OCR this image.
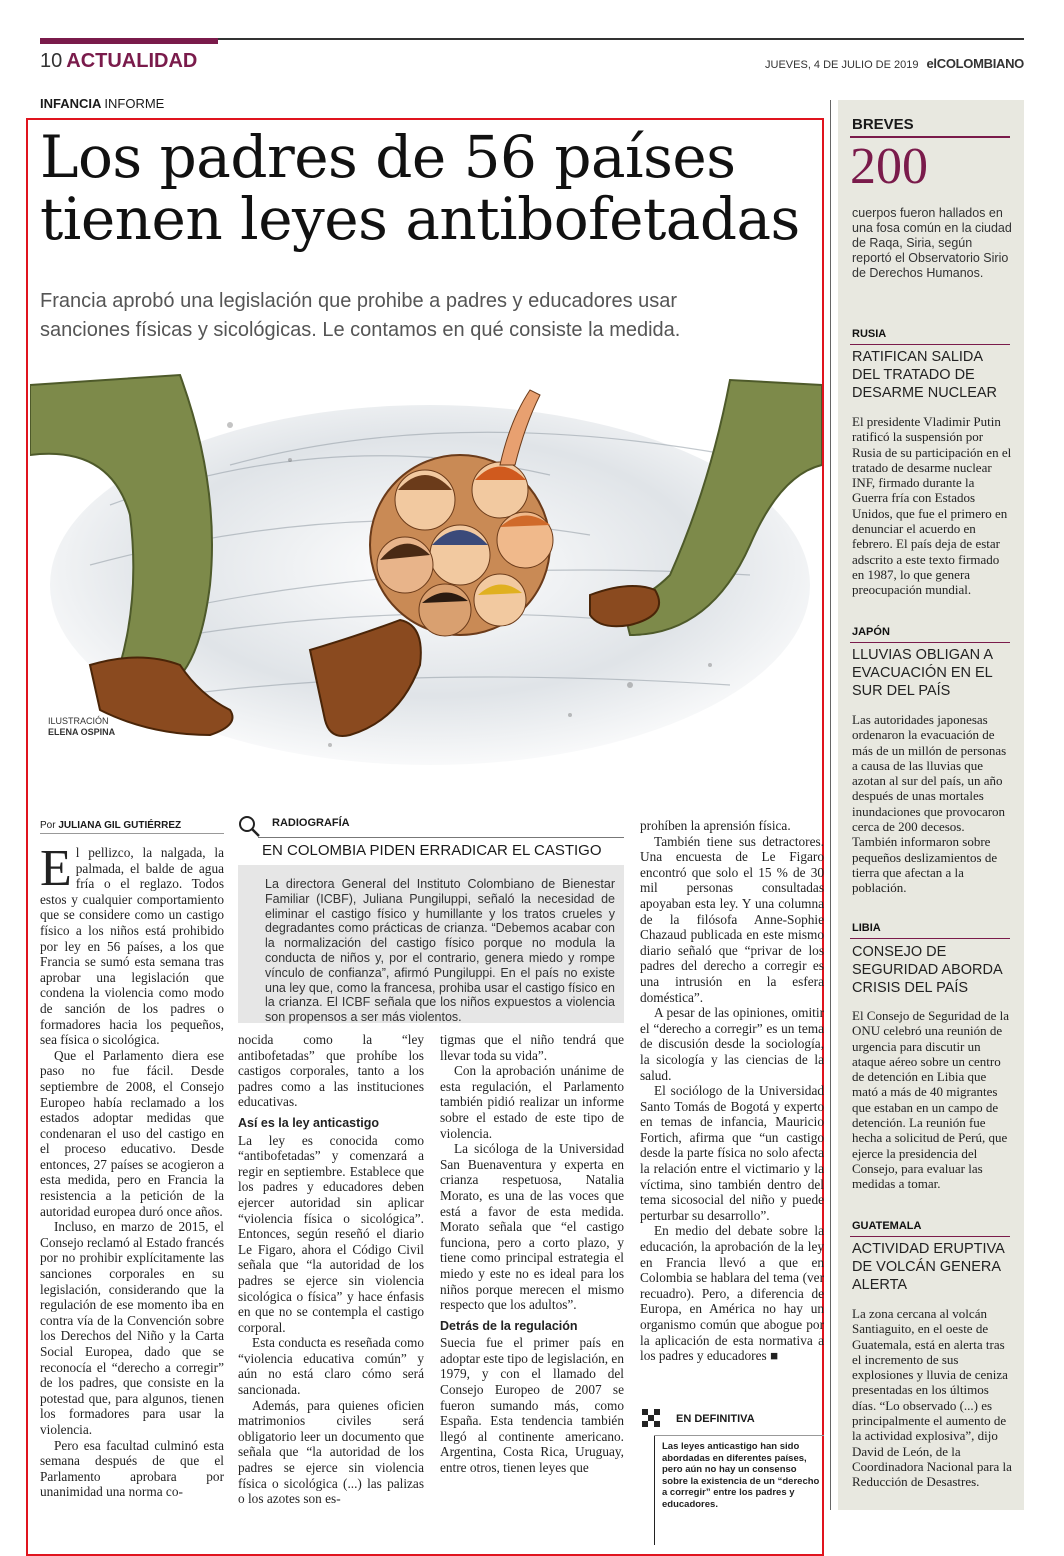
10 ACTUALIDAD	JUEVES, 4 DE JULIO DE 2019 elCOLOMBIANO
INFANCIA INFORME
Los padres de 56 países
tienen leyes antibofetadas
Francia aprobó una legislación que prohibe a padres y educadores usar
sanciones físicas y sicológicas. Le contamos en qué consiste la medida.
ILUSTRACIÓN
ELENA OSPINA
Por JULIANA GIL GUTIÉRREZ

El pellizco, la nalgada, la palmada, el balde de agua fría o el reglazo. Todos estos y cualquier comportamiento que se considere como un castigo físico a los niños está prohibido por ley en 56 países, a los que Francia se sumó esta semana tras aprobar una legislación que condena la violencia como modo de sanción de los padres o formadores hacia los pequeños, sea física o sicológica.

Que el Parlamento diera ese paso no fue fácil. Desde septiembre de 2008, el Consejo Europeo había reclamado a los estados adoptar medidas que condenaran el uso del castigo en el proceso educativo. Desde entonces, 27 países se acogieron a esta medida, pero en Francia la resistencia a la petición de la autoridad europea duró once años.

Incluso, en marzo de 2015, el Consejo reclamó al Estado francés por no prohibir explícitamente las sanciones corporales en su legislación, considerando que la regulación de ese momento iba en contra vía de la Convención sobre los Derechos del Niño y la Carta Social Europea, dado que se reconocía el “derecho a corregir” de los padres, que consiste en la potestad que, para algunos, tienen los formadores para usar la violencia.

Pero esa facultad culminó esta semana después de que el Parlamento aprobara por unanimidad una norma co-

RADIOGRAFÍA
EN COLOMBIA PIDEN ERRADICAR EL CASTIGO
La directora General del Instituto Colombiano de Bienestar Familiar (ICBF), Juliana Pungiluppi, señaló la necesidad de eliminar el castigo físico y humillante y los tratos crueles y degradantes como prácticas de crianza. “Debemos acabar con la normalización del castigo físico porque no modula la conducta de niños y, por el contrario, genera miedo y rompe vínculo de confianza”, afirmó Pungiluppi. En el país no existe una ley que, como la francesa, prohiba usar el castigo físico en la crianza. El ICBF señala que los niños expuestos a violencia son propensos a ser más violentos.

nocida como la “ley antibofetadas” que prohíbe los castigos corporales, tanto a los padres como a las instituciones educativas.

Así es la ley anticastigo

La ley es conocida como “antibofetadas” y comenzará a regir en septiembre. Establece que los padres y educadores deben ejercer autoridad sin aplicar “violencia física o sicológica”. Entonces, según reseñó el diario Le Figaro, ahora el Código Civil señala que “la autoridad de los padres se ejerce sin violencia sicológica o física” y hace énfasis en que no se contempla el castigo corporal.

Esta conducta es reseñada como “violencia educativa común” y aún no está claro cómo será sancionada.

Además, para quienes oficien matrimonios civiles será obligatorio leer un documento que señala que “la autoridad de los padres se ejerce sin violencia física o sicológica (...) las palizas o los azotes son es-

tigmas que el niño tendrá que llevar toda su vida”.

Con la aprobación unánime de esta regulación, el Parlamento también pidió realizar un informe sobre el estado de este tipo de violencia.

La sicóloga de la Universidad San Buenaventura y experta en crianza respetuosa, Natalia Morato, es una de las voces que está a favor de esta medida. Morato señala que “el castigo funciona, pero a corto plazo, y tiene como principal estrategia el miedo y este no es ideal para los niños porque merecen el mismo respecto que los adultos”.

Detrás de la regulación

Suecia fue el primer país en adoptar este tipo de legislación, en 1979, y con el llamado del Consejo Europeo de 2007 se fueron sumando más, como España. Esta tendencia también llegó al continente americano. Argentina, Costa Rica, Uruguay, entre otros, tienen leyes que

prohíben la aprensión física.

También tiene sus detractores. Una encuesta de Le Figaro encontró que solo el 15 % de 30 mil personas consultadas apoyaban esta ley. Y una columna de la filósofa Anne-Sophie Chazaud publicada en este mismo diario señaló que “privar de los padres del derecho a corregir es una intrusión en la esfera doméstica”.

A pesar de las opiniones, omitir el “derecho a corregir” es un tema de discusión desde la sociología, la sicología y las ciencias de la salud.

El sociólogo de la Universidad Santo Tomás de Bogotá y experto en temas de infancia, Mauricio Fortich, afirma que “un castigo desde la parte física no solo afecta la relación entre el victimario y la víctima, sino también dentro del tema sicosocial del niño y puede perturbar su desarrollo”.

En medio del debate sobre la educación, la aprobación de la ley en Francia llevó a que en Colombia se hablara del tema (ver recuadro). Pero, a diferencia de Europa, en América no hay un organismo común que abogue por la aplicación de esta normativa a los padres y educadores ■

EN DEFINITIVA
Las leyes anticastigo han sido abordadas en diferentes países, pero aún no hay un consenso sobre la existencia de un “derecho a corregir” entre los padres y educadores.
BREVES
200
cuerpos fueron hallados en una fosa común en la ciudad de Raqa, Siria, según reportó el Observatorio Sirio de Derechos Humanos.
RUSIA
RATIFICAN SALIDA DEL TRATADO DE DESARME NUCLEAR
El presidente Vladimir Putin ratificó la suspensión por Rusia de su participación en el tratado de desarme nuclear INF, firmado durante la Guerra fría con Estados Unidos, que fue el primero en denunciar el acuerdo en febrero. El país deja de estar adscrito a este texto firmado en 1987, lo que genera preocupación mundial.
JAPÓN
LLUVIAS OBLIGAN A EVACUACIÓN EN EL SUR DEL PAÍS
Las autoridades japonesas ordenaron la evacuación de más de un millón de personas a causa de las lluvias que azotan al sur del país, un año después de unas mortales inundaciones que provocaron cerca de 200 decesos. También informaron sobre pequeños deslizamientos de tierra que afectan a la población.
LIBIA
CONSEJO DE SEGURIDAD ABORDA CRISIS DEL PAÍS
El Consejo de Seguridad de la ONU celebró una reunión de urgencia para discutir un ataque aéreo sobre un centro de detención en Libia que mató a más de 40 migrantes que estaban en un campo de detención. La reunión fue hecha a solicitud de Perú, que ejerce la presidencia del Consejo, para evaluar las medidas a tomar.
GUATEMALA
ACTIVIDAD ERUPTIVA DE VOLCÁN GENERA ALERTA
La zona cercana al volcán Santiaguito, en el oeste de Guatemala, está en alerta tras el incremento de sus explosiones y lluvia de ceniza presentadas en los últimos días. “Lo observado (...) es principalmente el aumento de la actividad explosiva”, dijo David de León, de la Coordinadora Nacional para la Reducción de Desastres.
